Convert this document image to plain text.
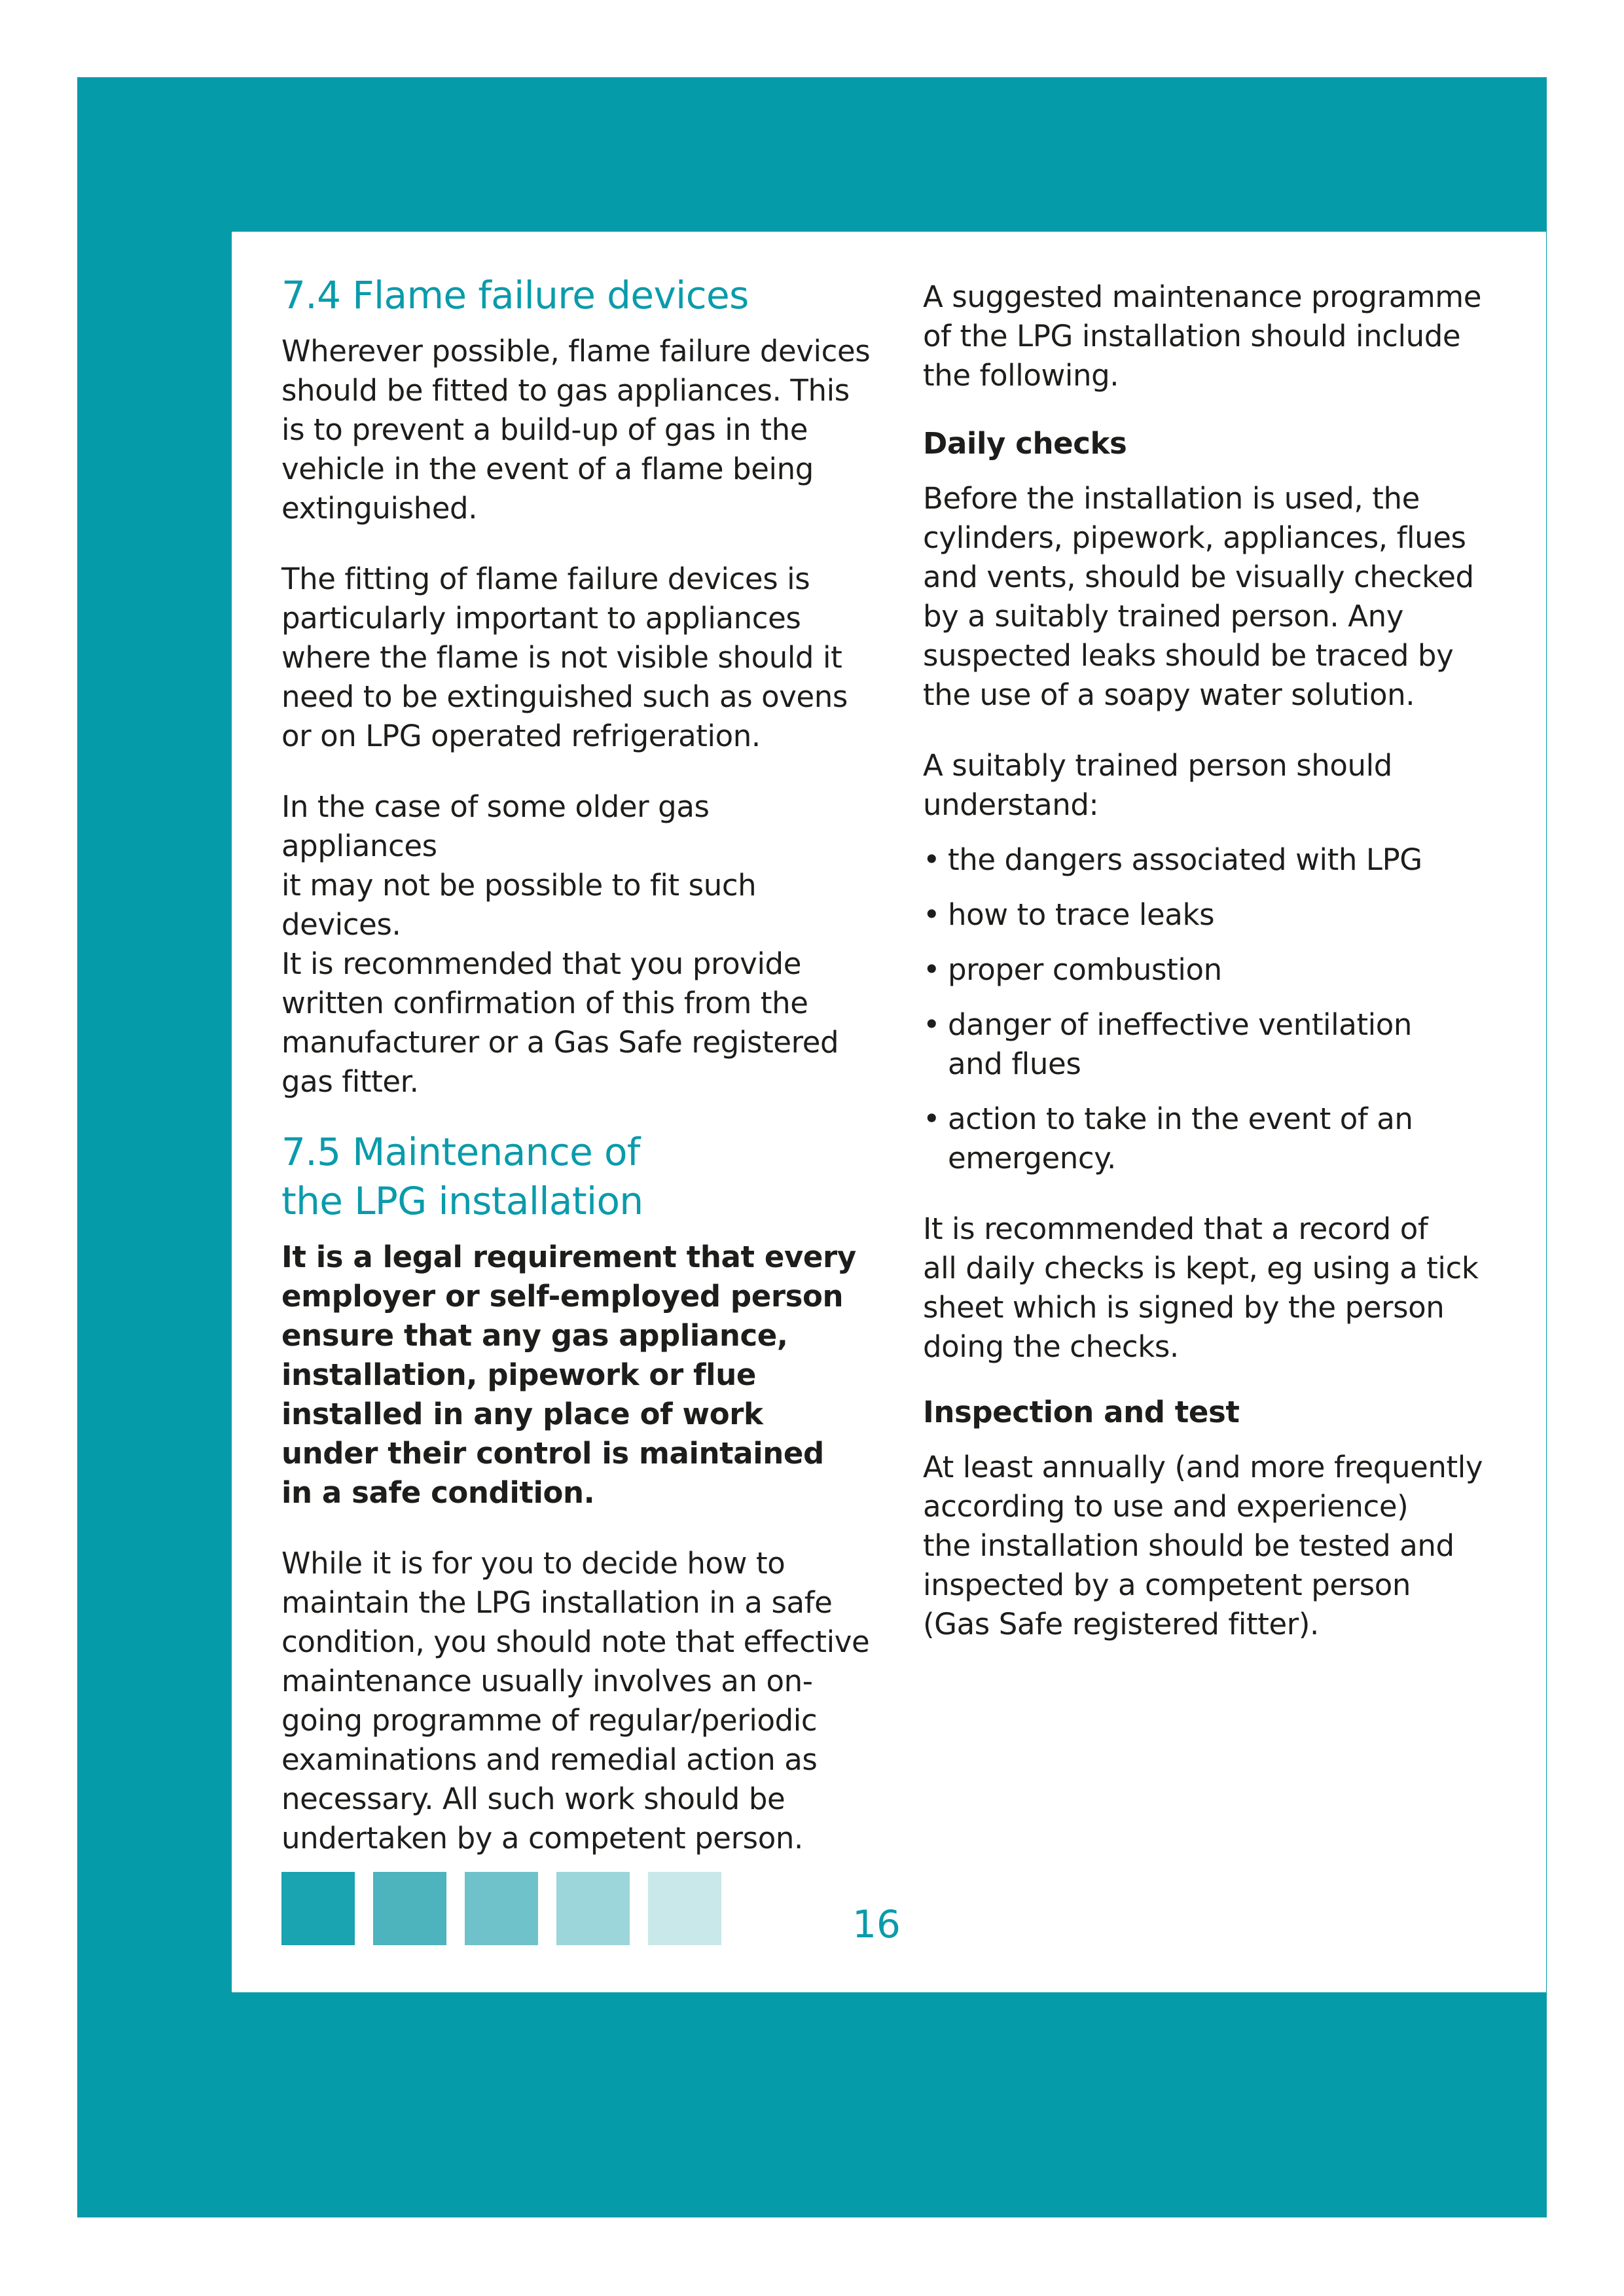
7.4 Flame failure devices

Wherever possible, flame failure devices
should be fitted to gas appliances. This
is to prevent a build-up of gas in the
vehicle in the event of a flame being
extinguished.

The fitting of flame failure devices is
particularly important to appliances
where the flame is not visible should it
need to be extinguished such as ovens
or on LPG operated refrigeration.

In the case of some older gas appliances
it may not be possible to fit such devices.
It is recommended that you provide
written confirmation of this from the
manufacturer or a Gas Safe registered
gas fitter.

7.5 Maintenance of
the LPG installation

It is a legal requirement that every
employer or self-employed person
ensure that any gas appliance,
installation, pipework or flue
installed in any place of work
under their control is maintained
in a safe condition.

While it is for you to decide how to
maintain the LPG installation in a safe
condition, you should note that effective
maintenance usually involves an on-
going programme of regular/periodic
examinations and remedial action as
necessary. All such work should be
undertaken by a competent person.

A suggested maintenance programme
of the LPG installation should include
the following.

Daily checks

Before the installation is used, the
cylinders, pipework, appliances, flues
and vents, should be visually checked
by a suitably trained person. Any
suspected leaks should be traced by
the use of a soapy water solution.

A suitably trained person should
understand:

• the dangers associated with LPG
• how to trace leaks
• proper combustion
• danger of ineffective ventilation
and flues
• action to take in the event of an
emergency.

It is recommended that a record of
all daily checks is kept, eg using a tick
sheet which is signed by the person
doing the checks.

Inspection and test

At least annually (and more frequently
according to use and experience)
the installation should be tested and
inspected by a competent person
(Gas Safe registered fitter).

16
